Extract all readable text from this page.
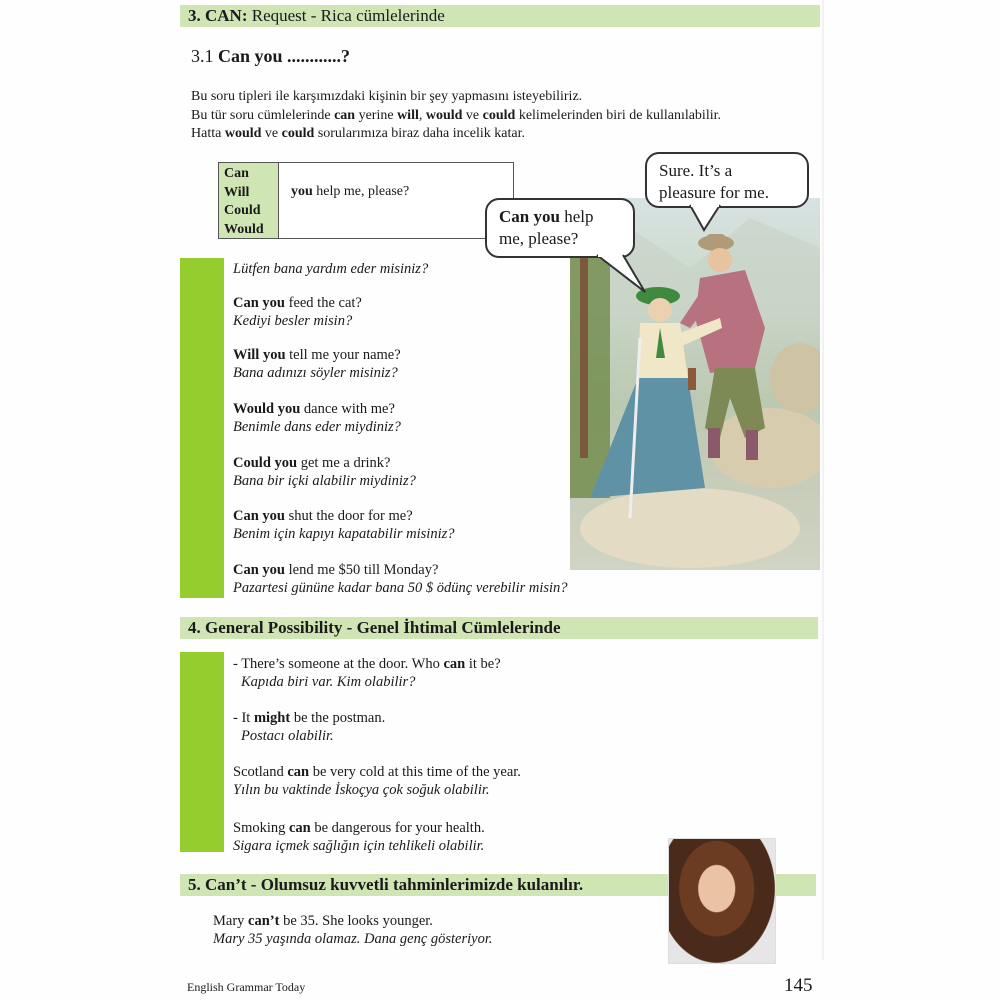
3. CAN: Request - Rica cümlelerinde
3.1 Can you ............?
Bu soru tipleri ile karşımızdaki kişinin bir şey yapmasını isteyebiliriz.
Bu tür soru cümlelerinde can yerine will, would ve could kelimelerinden biri de kullanılabilir.
Hatta would ve could sorularımıza biraz daha incelik katar.
Can
Will
Could
Would
you help me, please?
Lütfen bana yardım eder misiniz?
Can you feed the cat?
Kediyi besler misin?
Will you tell me your name?
Bana adınızı söyler misiniz?
Would you dance with me?
Benimle dans eder miydiniz?
Could you get me a drink?
Bana bir içki alabilir miydiniz?
Can you shut the door for me?
Benim için kapıyı kapatabilir misiniz?
Can you lend me $50 till Monday?
Pazartesi gününe kadar bana 50 $ ödünç verebilir misin?
Can you help
me, please?
Sure. It’s a
pleasure for me.
4. General Possibility - Genel İhtimal Cümlelerinde
- There’s someone at the door. Who can it be?
Kapıda biri var. Kim olabilir?
- It might be the postman.
Postacı olabilir.
Scotland can be very cold at this time of the year.
Yılın bu vaktinde İskoçya çok soğuk olabilir.
Smoking can be dangerous for your health.
Sigara içmek sağlığın için tehlikeli olabilir.
5. Can’t - Olumsuz kuvvetli tahminlerimizde kulanılır.
Mary can’t be 35. She looks younger.
Mary 35 yaşında olamaz. Dana genç gösteriyor.
English Grammar Today	145
